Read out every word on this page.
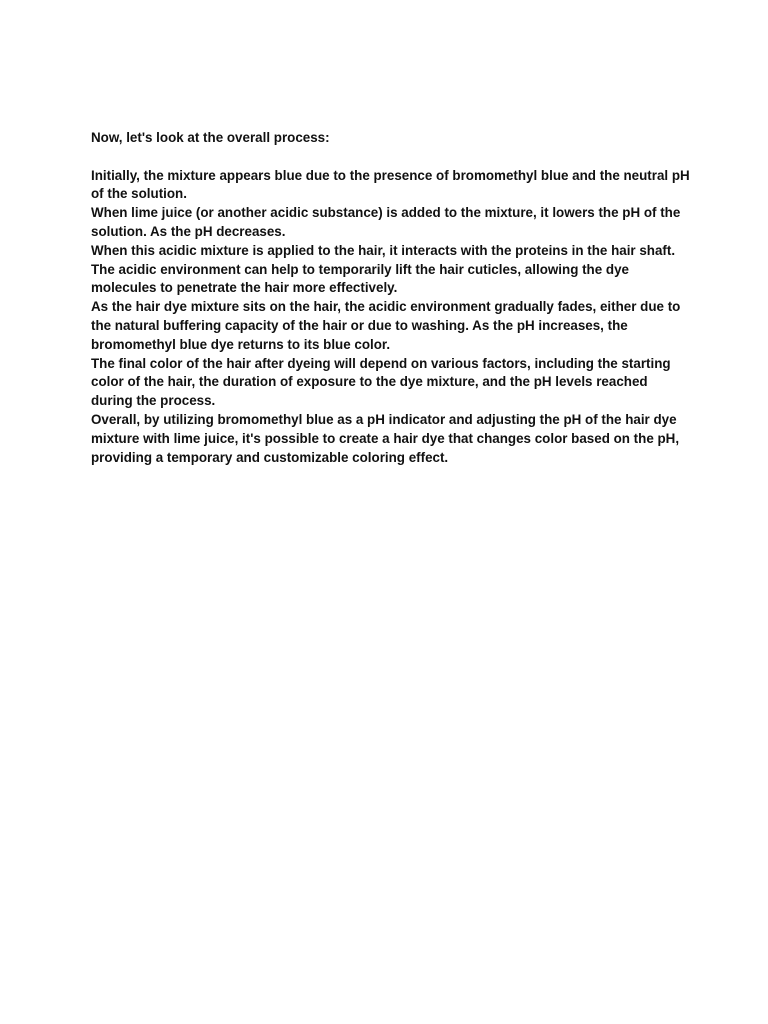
Now, let's look at the overall process:

Initially, the mixture appears blue due to the presence of bromomethyl blue and the neutral pH of the solution.

When lime juice (or another acidic substance) is added to the mixture, it lowers the pH of the solution. As the pH decreases.

When this acidic mixture is applied to the hair, it interacts with the proteins in the hair shaft. The acidic environment can help to temporarily lift the hair cuticles, allowing the dye molecules to penetrate the hair more effectively.

As the hair dye mixture sits on the hair, the acidic environment gradually fades, either due to the natural buffering capacity of the hair or due to washing. As the pH increases, the bromomethyl blue dye returns to its blue color.

The final color of the hair after dyeing will depend on various factors, including the starting color of the hair, the duration of exposure to the dye mixture, and the pH levels reached during the process.

Overall, by utilizing bromomethyl blue as a pH indicator and adjusting the pH of the hair dye mixture with lime juice, it's possible to create a hair dye that changes color based on the pH, providing a temporary and customizable coloring effect.
